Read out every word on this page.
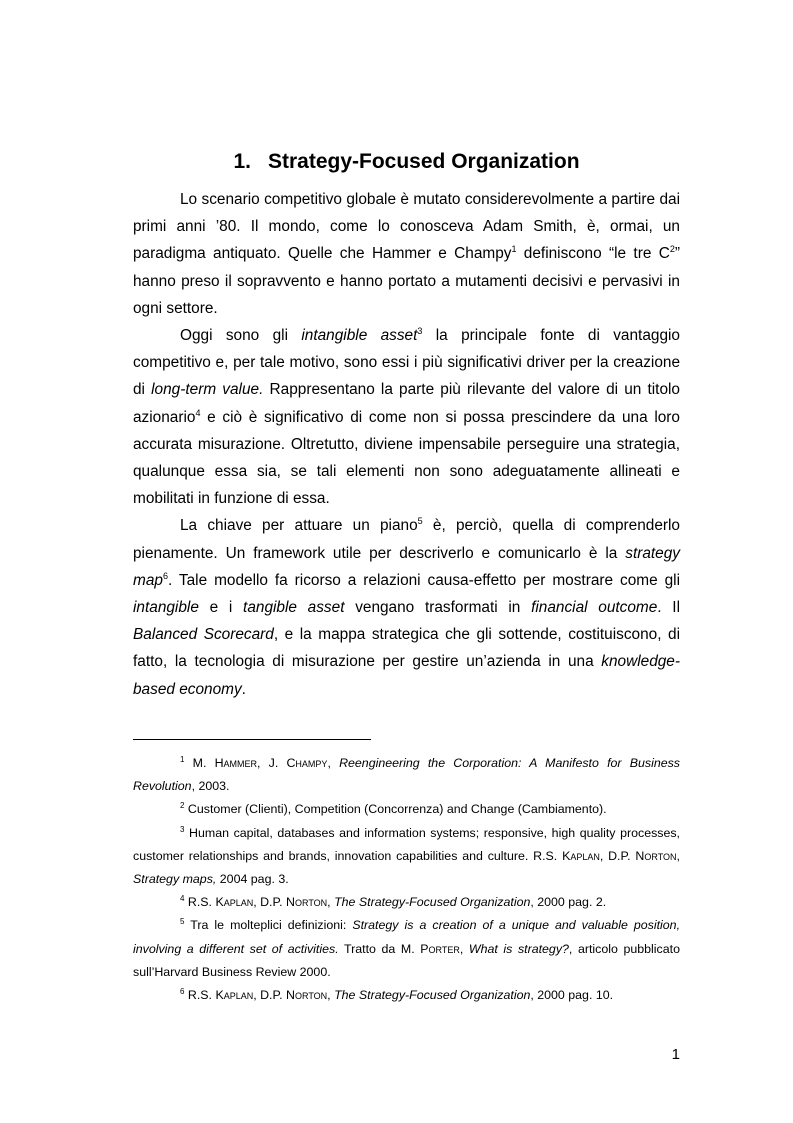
1. Strategy-Focused Organization

Lo scenario competitivo globale è mutato considerevolmente a partire dai primi anni ’80. Il mondo, come lo conosceva Adam Smith, è, ormai, un paradigma antiquato. Quelle che Hammer e Champy$^1$ definiscono “le tre $C^2$” hanno preso il sopravvento e hanno portato a mutamenti decisivi e pervasivi in ogni settore.

Oggi sono gli intangible asset$^3$ la principale fonte di vantaggio competitivo e, per tale motivo, sono essi i più significativi driver per la creazione di long-term value. Rappresentano la parte più rilevante del valore di un titolo azionario$^4$ e ciò è significativo di come non si possa prescindere da una loro accurata misurazione. Oltretutto, diviene impensabile perseguire una strategia, qualunque essa sia, se tali elementi non sono adeguatamente allineati e mobilitati in funzione di essa.

La chiave per attuare un piano$^5$ è, perciò, quella di comprenderlo pienamente. Un framework utile per descriverlo e comunicarlo è la strategy map$^6$. Tale modello fa ricorso a relazioni causa-effetto per mostrare come gli intangible e i tangible asset vengano trasformati in financial outcome. Il Balanced Scorecard, e la mappa strategica che gli sottende, costituiscono, di fatto, la tecnologia di misurazione per gestire un’azienda in una knowledge-based economy.

$^1$ M. Hammer, J. Champy, Reengineering the Corporation: A Manifesto for Business Revolution, 2003.

$^2$ Customer (Clienti), Competition (Concorrenza) and Change (Cambiamento).

$^3$ Human capital, databases and information systems; responsive, high quality processes, customer relationships and brands, innovation capabilities and culture. R.S. Kaplan, D.P. Norton, Strategy maps, 2004 pag. 3.

$^4$ R.S. Kaplan, D.P. Norton, The Strategy-Focused Organization, 2000 pag. 2.

$^5$ Tra le molteplici definizioni: Strategy is a creation of a unique and valuable position, involving a different set of activities. Tratto da M. Porter, What is strategy?, articolo pubblicato sull’Harvard Business Review 2000.

$^6$ R.S. Kaplan, D.P. Norton, The Strategy-Focused Organization, 2000 pag. 10.

1
